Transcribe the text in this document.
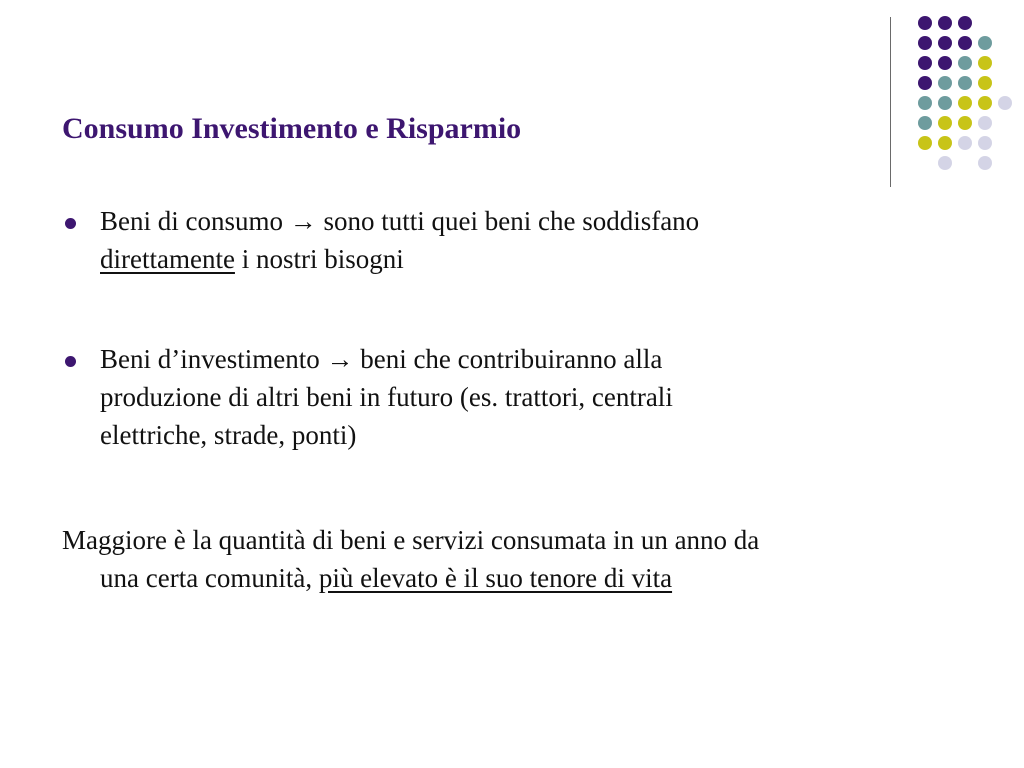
Consumo Investimento e Risparmio
Beni di consumo → sono tutti quei beni che soddisfano
direttamente i nostri bisogni
Beni d’investimento → beni che contribuiranno alla
produzione di altri beni in futuro (es. trattori, centrali
elettriche, strade, ponti)
Maggiore è la quantità di beni e servizi consumata in un anno da
una certa comunità, più elevato è il suo tenore di vita
